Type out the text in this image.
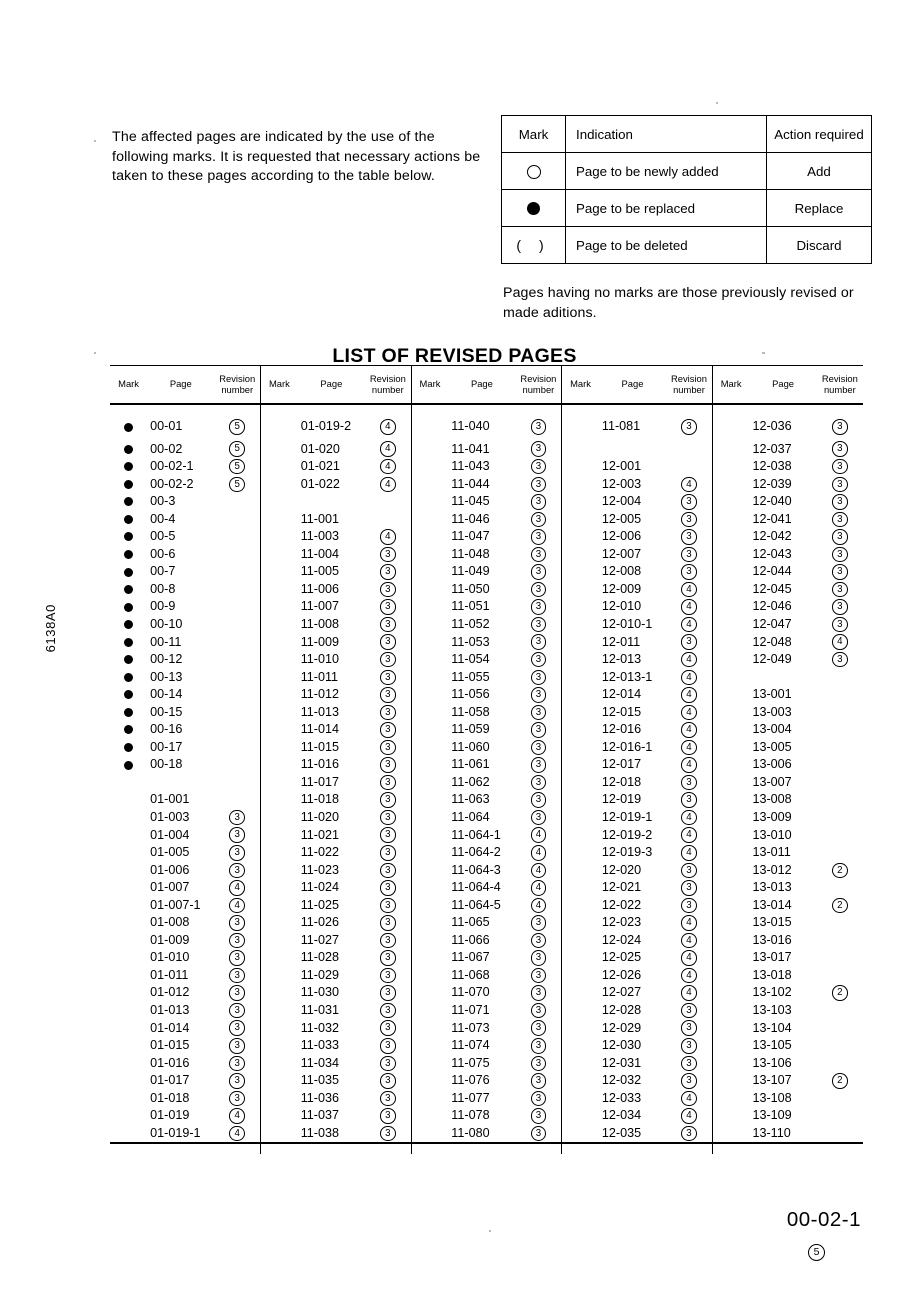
The affected pages are indicated by the use of the following marks. It is requested that necessary actions be taken to these pages according to the table below.

Mark	Indication	Action required
	Page to be newly added	Add
	Page to be replaced	Replace
( )	Page to be deleted	Discard

Pages having no marks are those previously revised or made aditions.

LIST OF REVISED PAGES
6138A0
Mark	Page	Revision
number	Mark	Page	Revision
number	Mark	Page	Revision
number	Mark	Page	Revision
number	Mark	Page	Revision
number

	00-01	5		01-019-2	4		11-040	3		11-081	3		12-036	3
	00-02	5		01-020	4		11-041	3					12-037	3
	00-02-1	5		01-021	4		11-043	3		12-001			12-038	3
	00-02-2	5		01-022	4		11-044	3		12-003	4		12-039	3
	00-3						11-045	3		12-004	3		12-040	3
	00-4			11-001			11-046	3		12-005	3		12-041	3
	00-5			11-003	4		11-047	3		12-006	3		12-042	3
	00-6			11-004	3		11-048	3		12-007	3		12-043	3
	00-7			11-005	3		11-049	3		12-008	3		12-044	3
	00-8			11-006	3		11-050	3		12-009	4		12-045	3
	00-9			11-007	3		11-051	3		12-010	4		12-046	3
	00-10			11-008	3		11-052	3		12-010-1	4		12-047	3
	00-11			11-009	3		11-053	3		12-011	3		12-048	4
	00-12			11-010	3		11-054	3		12-013	4		12-049	3
	00-13			11-011	3		11-055	3		12-013-1	4			
	00-14			11-012	3		11-056	3		12-014	4		13-001	
	00-15			11-013	3		11-058	3		12-015	4		13-003	
	00-16			11-014	3		11-059	3		12-016	4		13-004	
	00-17			11-015	3		11-060	3		12-016-1	4		13-005	
	00-18			11-016	3		11-061	3		12-017	4		13-006	
				11-017	3		11-062	3		12-018	3		13-007	
	01-001			11-018	3		11-063	3		12-019	3		13-008	
	01-003	3		11-020	3		11-064	3		12-019-1	4		13-009	
	01-004	3		11-021	3		11-064-1	4		12-019-2	4		13-010	
	01-005	3		11-022	3		11-064-2	4		12-019-3	4		13-011	
	01-006	3		11-023	3		11-064-3	4		12-020	3		13-012	2
	01-007	4		11-024	3		11-064-4	4		12-021	3		13-013	
	01-007-1	4		11-025	3		11-064-5	4		12-022	3		13-014	2
	01-008	3		11-026	3		11-065	3		12-023	4		13-015	
	01-009	3		11-027	3		11-066	3		12-024	4		13-016	
	01-010	3		11-028	3		11-067	3		12-025	4		13-017	
	01-011	3		11-029	3		11-068	3		12-026	4		13-018	
	01-012	3		11-030	3		11-070	3		12-027	4		13-102	2
	01-013	3		11-031	3		11-071	3		12-028	3		13-103	
	01-014	3		11-032	3		11-073	3		12-029	3		13-104	
	01-015	3		11-033	3		11-074	3		12-030	3		13-105	
	01-016	3		11-034	3		11-075	3		12-031	3		13-106	
	01-017	3		11-035	3		11-076	3		12-032	3		13-107	2
	01-018	3		11-036	3		11-077	3		12-033	4		13-108	
	01-019	4		11-037	3		11-078	3		12-034	4		13-109	
	01-019-1	4		11-038	3		11-080	3		12-035	3		13-110	

00-02-1
5
